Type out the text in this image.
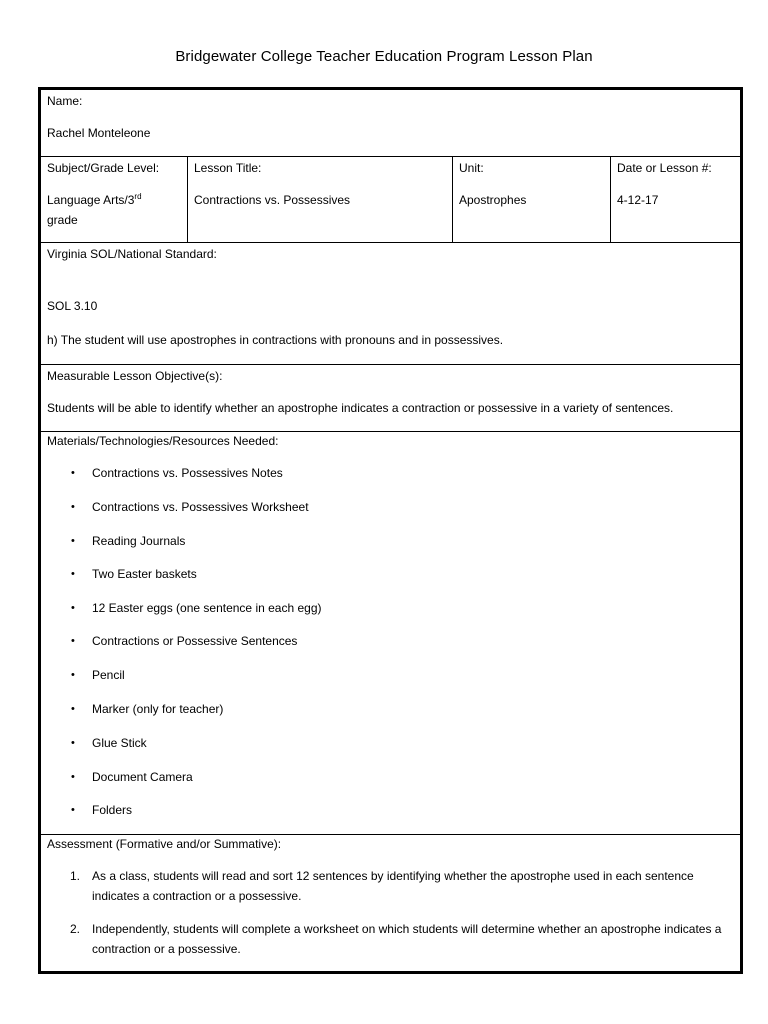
Bridgewater College Teacher Education Program Lesson Plan
Name:
Rachel Monteleone
Subject/Grade Level:
Language Arts/3rd
grade
Lesson Title:
Contractions vs. Possessives
Unit:
Apostrophes
Date or Lesson #:
4-12-17
Virginia SOL/National Standard:
SOL 3.10
h) The student will use apostrophes in contractions with pronouns and in possessives.
Measurable Lesson Objective(s):
Students will be able to identify whether an apostrophe indicates a contraction or possessive in a variety of sentences.
Materials/Technologies/Resources Needed:
• Contractions vs. Possessives Notes
• Contractions vs. Possessives Worksheet
• Reading Journals
• Two Easter baskets
• 12 Easter eggs (one sentence in each egg)
• Contractions or Possessive Sentences
• Pencil
• Marker (only for teacher)
• Glue Stick
• Document Camera
• Folders
Assessment (Formative and/or Summative):
1. As a class, students will read and sort 12 sentences by identifying whether the apostrophe used in each sentence indicates a contraction or a possessive.
2. Independently, students will complete a worksheet on which students will determine whether an apostrophe indicates a contraction or a possessive.
